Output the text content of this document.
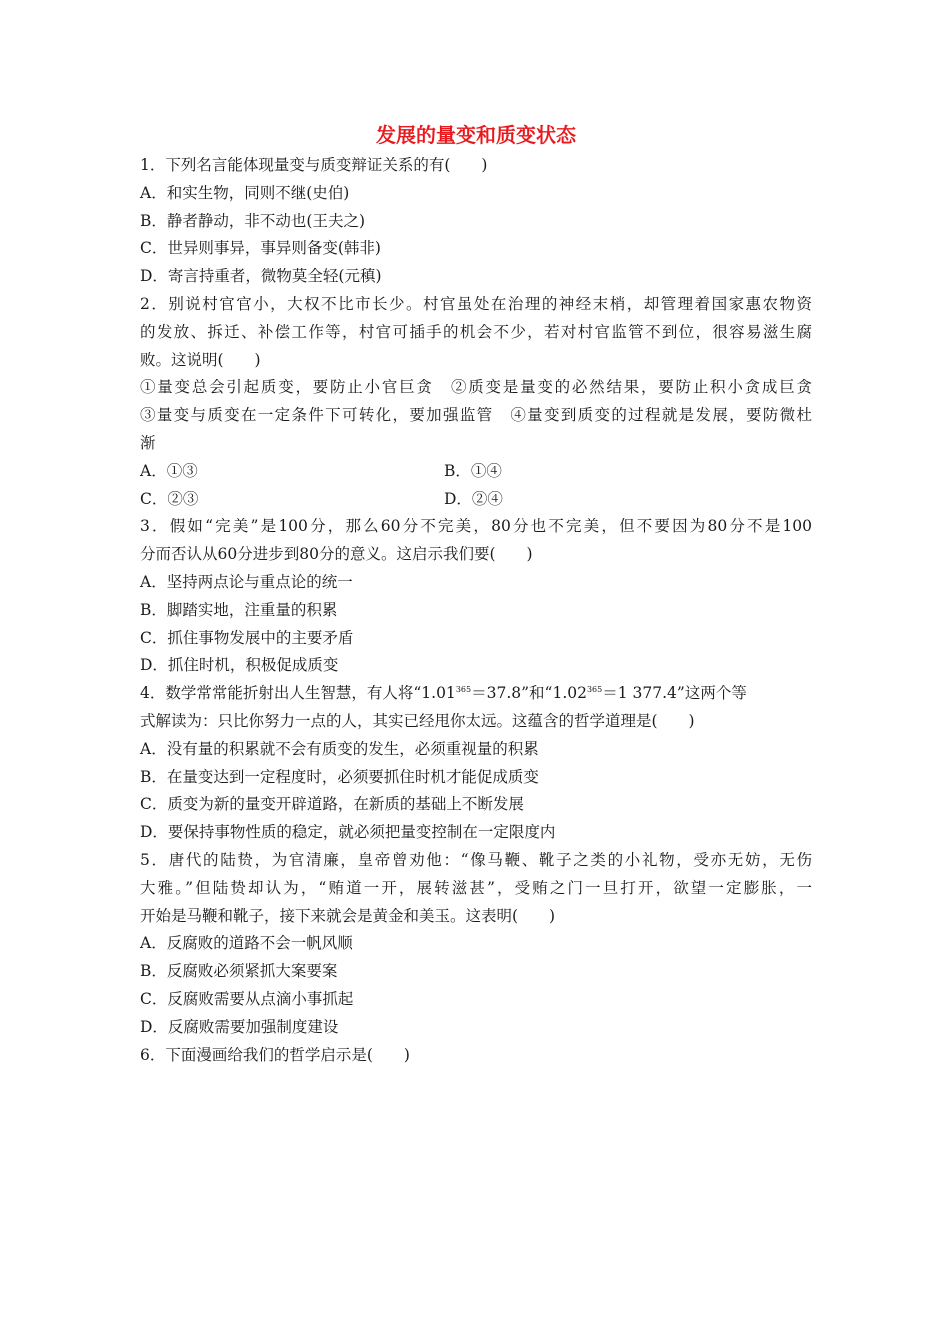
发展的量变和质变状态
1．下列名言能体现量变与质变辩证关系的有(　　)
A．和实生物，同则不继(史伯)
B．静者静动，非不动也(王夫之)
C．世异则事异，事异则备变(韩非)
D．寄言持重者，微物莫全轻(元稹)
2．别说村官官小，大权不比市长少。村官虽处在治理的神经末梢，却管理着国家惠农物资
的发放、拆迁、补偿工作等，村官可插手的机会不少，若对村官监管不到位，很容易滋生腐
败。这说明(　　)
①量变总会引起质变，要防止小官巨贪　②质变是量变的必然结果，要防止积小贪成巨贪
③量变与质变在一定条件下可转化，要加强监管　④量变到质变的过程就是发展，要防微杜
渐
A．①③	B．①④
C．②③	D．②④
3．假如“完美”是100分，那么60分不完美，80分也不完美，但不要因为80分不是100
分而否认从60分进步到80分的意义。这启示我们要(　　)
A．坚持两点论与重点论的统一
B．脚踏实地，注重量的积累
C．抓住事物发展中的主要矛盾
D．抓住时机，积极促成质变
4．数学常常能折射出人生智慧，有人将“$1.01^{365}=37.8$”和“$1.02^{365}=1$ 377.4”这两个等
式解读为：只比你努力一点的人，其实已经甩你太远。这蕴含的哲学道理是(　　)
A．没有量的积累就不会有质变的发生，必须重视量的积累
B．在量变达到一定程度时，必须要抓住时机才能促成质变
C．质变为新的量变开辟道路，在新质的基础上不断发展
D．要保持事物性质的稳定，就必须把量变控制在一定限度内
5．唐代的陆贽，为官清廉，皇帝曾劝他：“像马鞭、靴子之类的小礼物，受亦无妨，无伤
大雅。”但陆贽却认为，“贿道一开，展转滋甚”，受贿之门一旦打开，欲望一定膨胀，一
开始是马鞭和靴子，接下来就会是黄金和美玉。这表明(　　)
A．反腐败的道路不会一帆风顺
B．反腐败必须紧抓大案要案
C．反腐败需要从点滴小事抓起
D．反腐败需要加强制度建设
6．下面漫画给我们的哲学启示是(　　)
